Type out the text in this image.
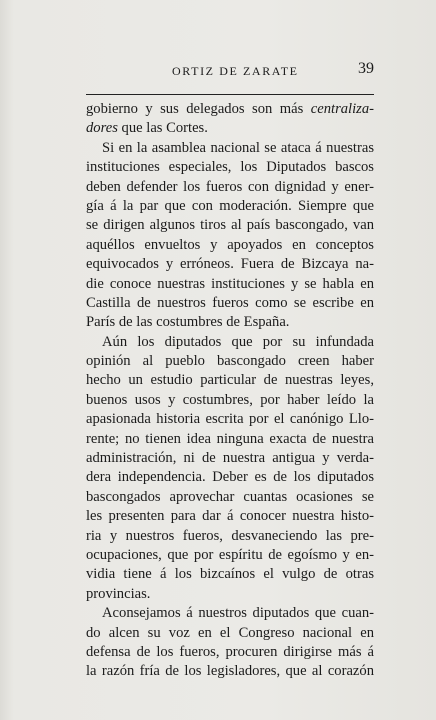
ORTIZ DE ZARATE	39
gobierno y sus delegados son más centraliza-
dores que las Cortes.
Si en la asamblea nacional se ataca á nuestras
instituciones especiales, los Diputados bascos
deben defender los fueros con dignidad y ener-
gía á la par que con moderación. Siempre que
se dirigen algunos tiros al país bascongado, van
aquéllos envueltos y apoyados en conceptos
equivocados y erróneos. Fuera de Bizcaya na-
die conoce nuestras instituciones y se habla en
Castilla de nuestros fueros como se escribe en
París de las costumbres de España.
Aún los diputados que por su infundada
opinión al pueblo bascongado creen haber
hecho un estudio particular de nuestras leyes,
buenos usos y costumbres, por haber leído la
apasionada historia escrita por el canónigo Llo-
rente; no tienen idea ninguna exacta de nuestra
administración, ni de nuestra antigua y verda-
dera independencia. Deber es de los diputados
bascongados aprovechar cuantas ocasiones se
les presenten para dar á conocer nuestra histo-
ria y nuestros fueros, desvaneciendo las pre-
ocupaciones, que por espíritu de egoísmo y en-
vidia tiene á los bizcaínos el vulgo de otras
provincias.
Aconsejamos á nuestros diputados que cuan-
do alcen su voz en el Congreso nacional en
defensa de los fueros, procuren dirigirse más á
la razón fría de los legisladores, que al corazón
